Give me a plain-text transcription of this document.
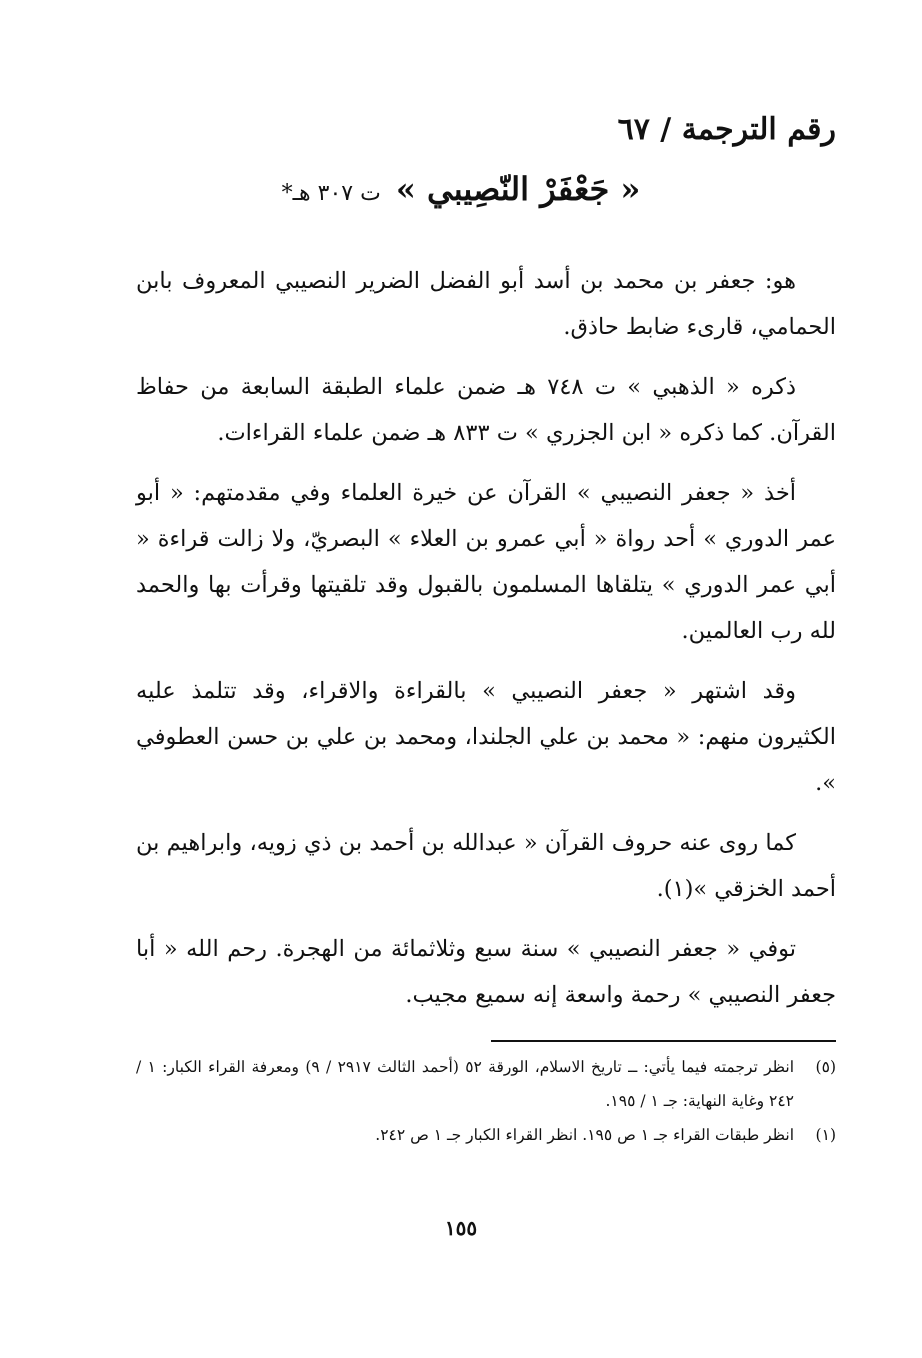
رقم الترجمة / ٦٧
« جَعْفَرْ النّصِيبي » ت ٣٠٧ هـ*

هو: جعفر بن محمد بن أسد أبو الفضل الضرير النصيبي المعروف بابن الحمامي، قارىء ضابط حاذق.

ذكره « الذهبي » ت ٧٤٨ هـ ضمن علماء الطبقة السابعة من حفاظ القرآن. كما ذكره « ابن الجزري » ت ٨٣٣ هـ ضمن علماء القراءات.

أخذ « جعفر النصيبي » القرآن عن خيرة العلماء وفي مقدمتهم: « أبو عمر الدوري » أحد رواة « أبي عمرو بن العلاء » البصريّ، ولا زالت قراءة « أبي عمر الدوري » يتلقاها المسلمون بالقبول وقد تلقيتها وقرأت بها والحمد لله رب العالمين.

وقد اشتهر « جعفر النصيبي » بالقراءة والاقراء، وقد تتلمذ عليه الكثيرون منهم: « محمد بن علي الجلندا، ومحمد بن علي بن حسن العطوفي ».

كما روى عنه حروف القرآن « عبدالله بن أحمد بن ذي زويه، وابراهيم بن أحمد الخزقي »(١).

توفي « جعفر النصيبي » سنة سبع وثلاثمائة من الهجرة. رحم الله « أبا جعفر النصيبي » رحمة واسعة إنه سميع مجيب.

(٥)
انظر ترجمته فيما يأتي: ــ تاريخ الاسلام، الورقة ٥٢ (أحمد الثالث ٢٩١٧ / ٩) ومعرفة القراء الكبار: ١ / ٢٤٢ وغاية النهاية: جـ ١ / ١٩٥.
(١)
انظر طبقات القراء جـ ١ ص ١٩٥. انظر القراء الكبار جـ ١ ص ٢٤٢.
١٥٥
